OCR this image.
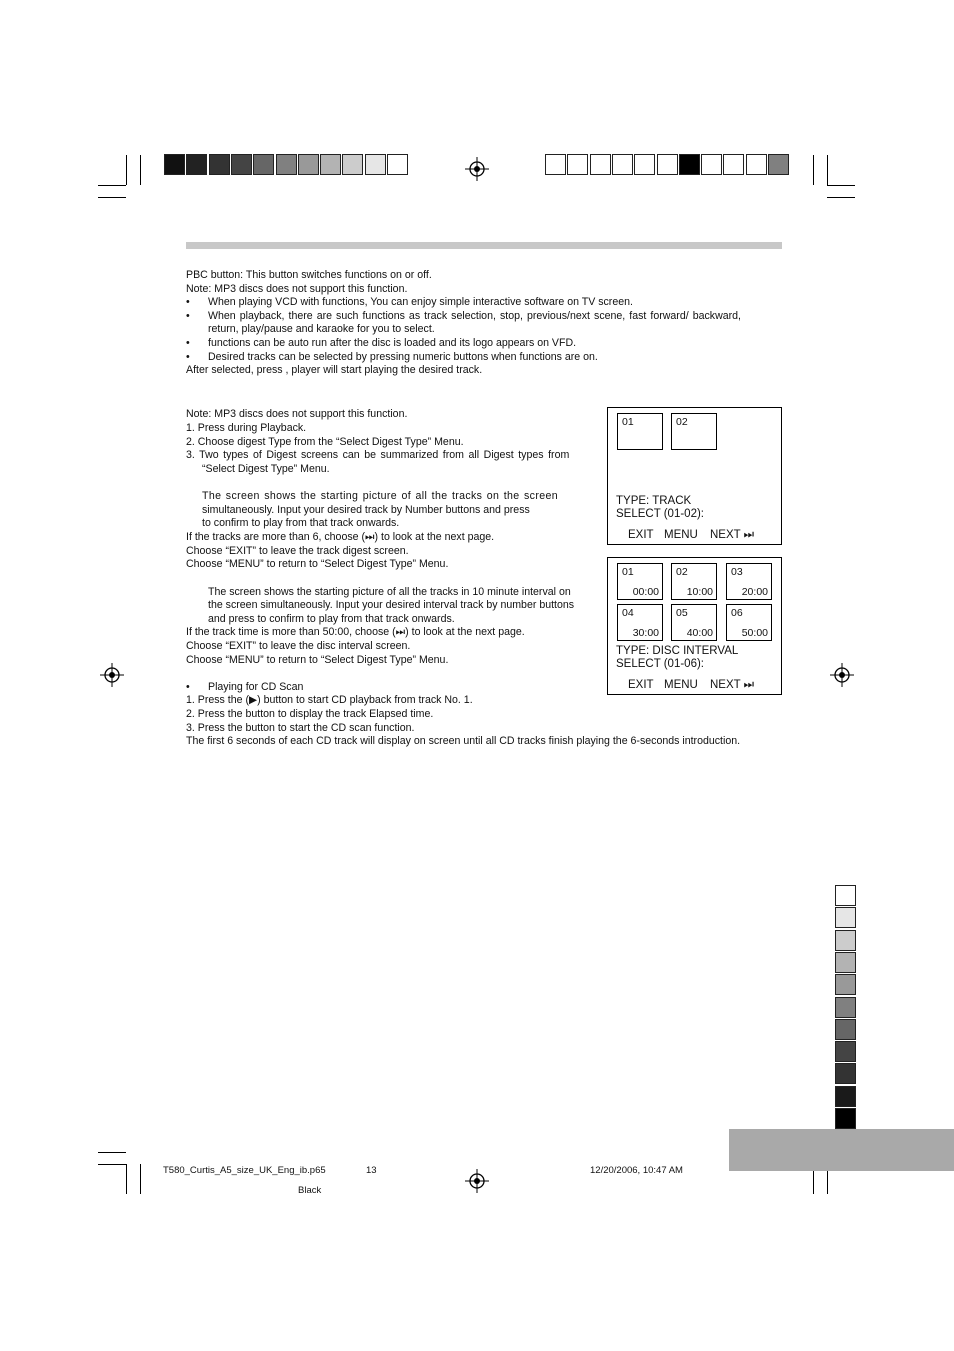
PBC button: This button switches functions on or off.
Note: MP3 discs does not support this function.
• When playing VCD with functions, You can enjoy simple interactive software on TV screen.
• When playback, there are such functions as track selection, stop, previous/next scene, fast forward/ backward,
return, play/pause and karaoke for you to select.
• functions can be auto run after the disc is loaded and its logo appears on VFD.
• Desired tracks can be selected by pressing numeric buttons when functions are on.
After selected, press , player will start playing the desired track.
Note: MP3 discs does not support this function.
1. Press during Playback.
2. Choose digest Type from the “Select Digest Type” Menu.
3. Two types of Digest screens can be summarized from all Digest types from
“Select Digest Type” Menu.
The screen shows the starting picture of all the tracks on the screen
simultaneously. Input your desired track by Number buttons and press
to confirm to play from that track onwards.
If the tracks are more than 6, choose (⏭) to look at the next page.
Choose “EXIT” to leave the track digest screen.
Choose “MENU” to return to “Select Digest Type” Menu.
The screen shows the starting picture of all the tracks in 10 minute interval on
the screen simultaneously. Input your desired interval track by number buttons
and press to confirm to play from that track onwards.
If the track time is more than 50:00, choose (⏭) to look at the next page.
Choose “EXIT” to leave the disc interval screen.
Choose “MENU” to return to “Select Digest Type” Menu.
• Playing for CD Scan
1. Press the (▶) button to start CD playback from track No. 1.
2. Press the button to display the track Elapsed time.
3. Press the button to start the CD scan function.
The first 6 seconds of each CD track will display on screen until all CD tracks finish playing the 6-seconds introduction.
01	02
TYPE: TRACK
SELECT (01-02):
EXIT MENU NEXT ⏭
01
00:00
02
10:00
03
20:00
04
30:00
05
40:00
06
50:00
TYPE: DISC INTERVAL
SELECT (01-06):
EXIT MENU NEXT ⏭
T580_Curtis_A5_size_UK_Eng_ib.p65	13	12/20/2006, 10:47 AM
Black
